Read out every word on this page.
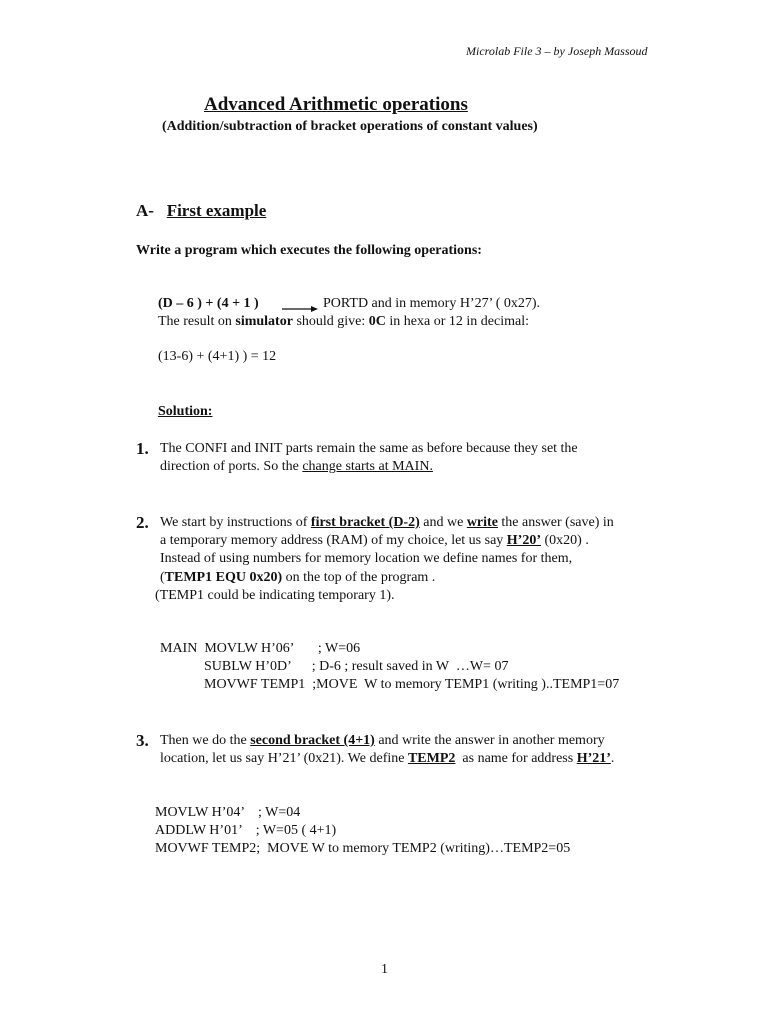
Microlab File 3 – by Joseph Massoud
Advanced Arithmetic operations
(Addition/subtraction of bracket operations of constant values)
A- First example
Write a program which executes the following operations:
(D – 6 ) + (4 + 1 )	PORTD and in memory H’27’ ( 0x27).
The result on simulator should give: 0C in hexa or 12 in decimal:
(13-6) + (4+1) ) = 12
Solution:
1. The CONFI and INIT parts remain the same as before because they set the
direction of ports. So the change starts at MAIN.
2. We start by instructions of first bracket (D-2) and we write the answer (save) in
a temporary memory address (RAM) of my choice, let us say H’20’ (0x20) .
Instead of using numbers for memory location we define names for them,
(TEMP1 EQU 0x20) on the top of the program .
(TEMP1 could be indicating temporary 1).
MAIN  MOVLW H’06’       ; W=06
SUBLW H’0D’      ; D-6 ; result saved in W  …W= 07
MOVWF TEMP1  ;MOVE  W to memory TEMP1 (writing )..TEMP1=07
3. Then we do the second bracket (4+1) and write the answer in another memory
location, let us say H’21’ (0x21). We define TEMP2  as name for address H’21’.
MOVLW H’04’    ; W=04
ADDLW H’01’    ; W=05 ( 4+1)
MOVWF TEMP2;  MOVE W to memory TEMP2 (writing)…TEMP2=05
1
